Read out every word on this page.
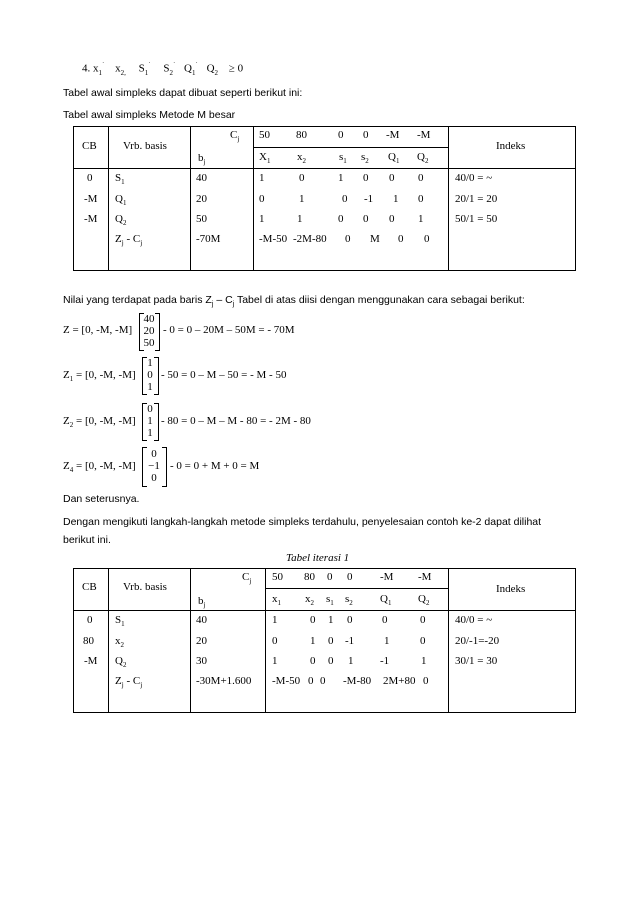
4. $x_1^˙$ $x_{2,}$ $S_1^˙$ $S_2^˙$ $Q_1^˙$ $Q_2 \ge 0$
Tabel awal simpleks dapat dibuat seperti berikut ini:
Tabel awal simpleks Metode M besar
CB Vrb. basis
$C_j$
$b_j$
Indeks
50 80	0 0 -M -M
$X_1$ $x_2$	$s_1$ $s_2$ $Q_1$ $Q_2$
0 $S_1$	40	1	0	1 0 0 0	40/0 = ~
-M $Q_1$	20	0	1	0 -1 1 0	20/1 = 20
-M $Q_2$	50	1	1	0 0 0 1	50/1 = 50
$Z_j - C_j$	-70M	-M-50 -2M-80 0 M 0 0
Nilai yang terdapat pada baris $Z_j - C_j$ Tabel di atas diisi dengan menggunakan cara sebagai berikut:
Z = [0, -M, -M]
40
20
50
- 0 = 0 – 20M – 50M = - 70M
$Z_1 = [0$, -M, -M]
1
0
1
- 50 = 0 – M – 50 = - M - 50
$Z_2 = [0$, -M, -M]
0
1
1
- 80 = 0 – M – M - 80 = - 2M - 80
$Z_4 = [0$, -M, -M]
0
−1
0
- 0 = 0 + M + 0 = M
Dan seterusnya.
Dengan mengikuti langkah-langkah metode simpleks terdahulu, penyelesaian contoh ke-2 dapat dilihat
berikut ini.
Tabel iterasi 1
CB Vrb. basis
$C_j$
$b_j$
Indeks
50 80 0 0	-M -M
$x_1$ $x_2$ $s_1$ $s_2$ $Q_1$ $Q_2$
0 $S_1$	40	1	0 1 0	0	0	40/0 = ~
80 $x_2$	20	0	1 0 -1	1	0	20/-1=-20
-M $Q_2$	30	1	0 0 1 -1	1	30/1 = 30
$Z_j - C_j$	-30M+1.600 -M-50 0 0 -M-80 2M+80 0
